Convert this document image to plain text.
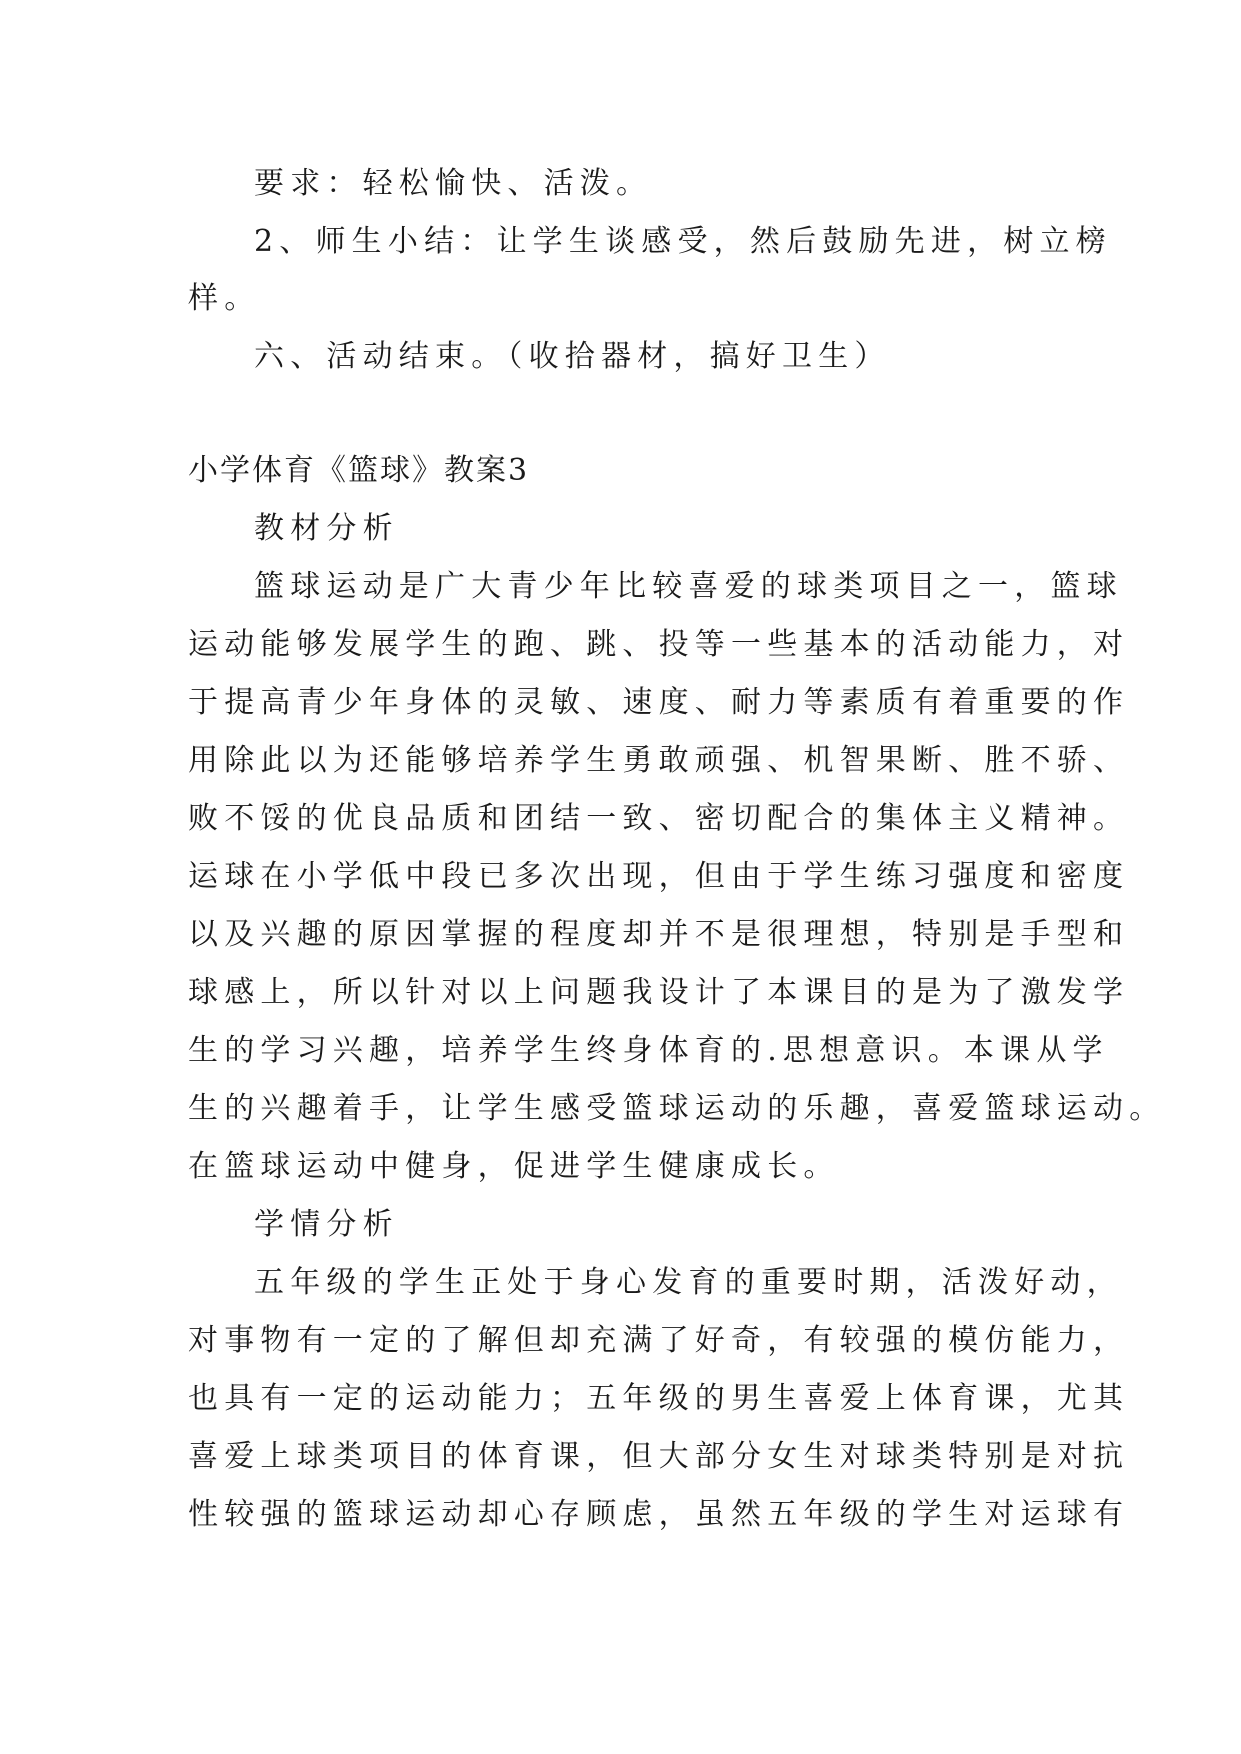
要求：轻松愉快、活泼。
2、师生小结：让学生谈感受，然后鼓励先进，树立榜
样。
六、活动结束。（收拾器材，搞好卫生）
小学体育《篮球》教案3
教材分析
篮球运动是广大青少年比较喜爱的球类项目之一，篮球
运动能够发展学生的跑、跳、投等一些基本的活动能力，对
于提高青少年身体的灵敏、速度、耐力等素质有着重要的作
用除此以为还能够培养学生勇敢顽强、机智果断、胜不骄、
败不馁的优良品质和团结一致、密切配合的集体主义精神。
运球在小学低中段已多次出现，但由于学生练习强度和密度
以及兴趣的原因掌握的程度却并不是很理想，特别是手型和
球感上，所以针对以上问题我设计了本课目的是为了激发学
生的学习兴趣，培养学生终身体育的.思想意识。本课从学
生的兴趣着手，让学生感受篮球运动的乐趣，喜爱篮球运动。
在篮球运动中健身，促进学生健康成长。
学情分析
五年级的学生正处于身心发育的重要时期，活泼好动，
对事物有一定的了解但却充满了好奇，有较强的模仿能力，
也具有一定的运动能力；五年级的男生喜爱上体育课，尤其
喜爱上球类项目的体育课，但大部分女生对球类特别是对抗
性较强的篮球运动却心存顾虑，虽然五年级的学生对运球有
